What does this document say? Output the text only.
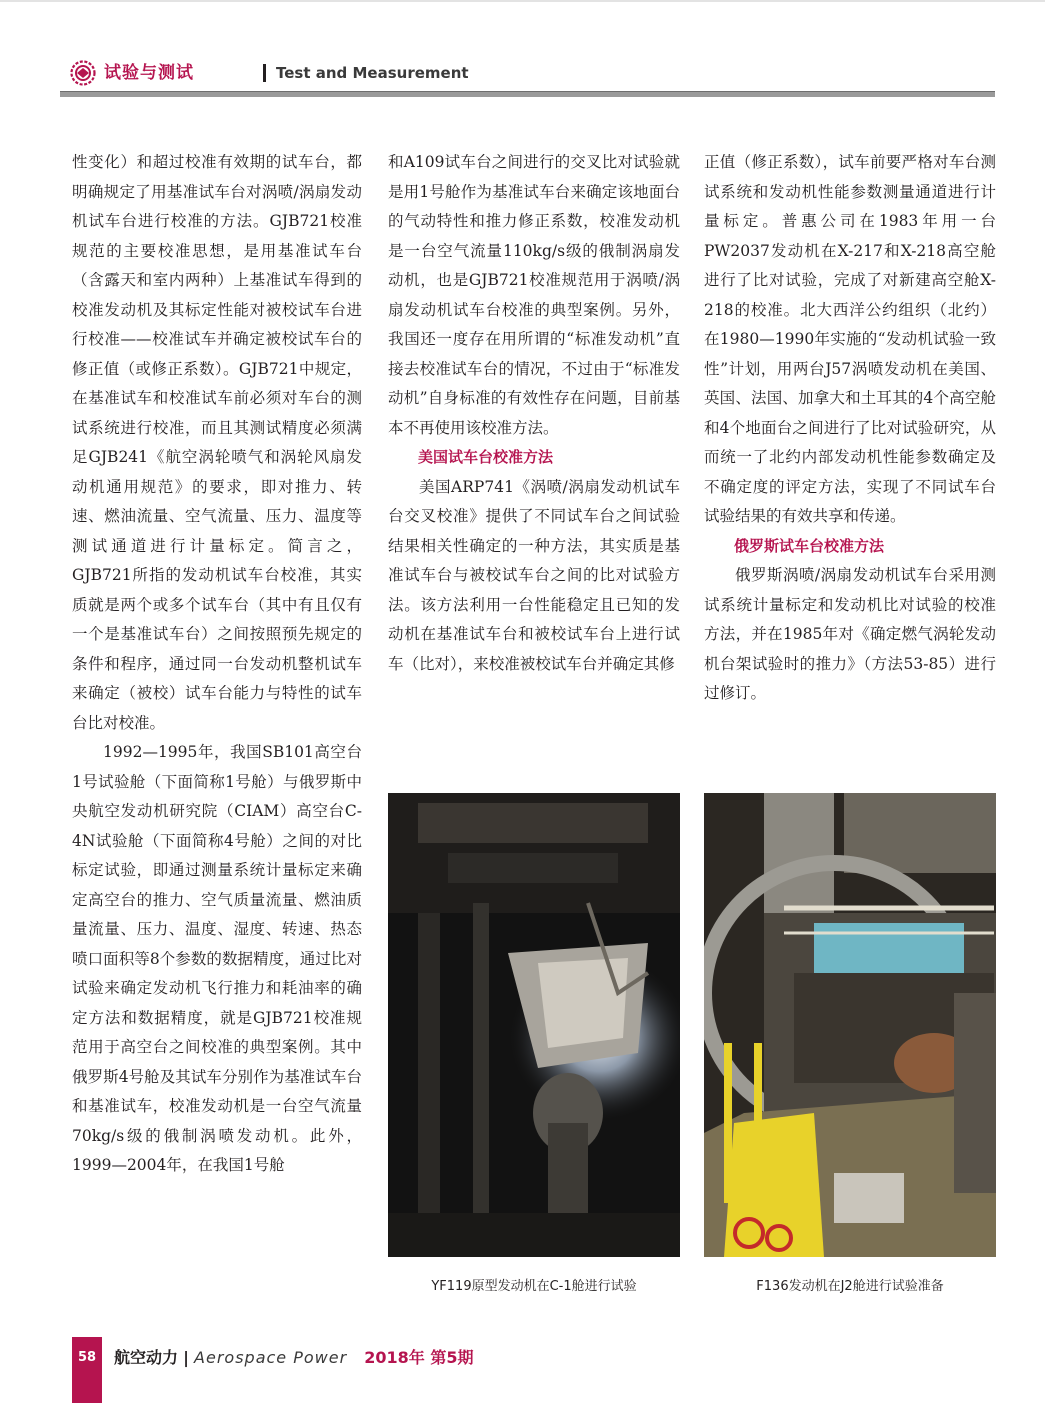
试验与测试	Test and Measurement

性变化）和超过校准有效期的试车台，都明确规定了用基准试车台对涡喷/涡扇发动机试车台进行校准的方法。GJB721校准规范的主要校准思想，是用基准试车台（含露天和室内两种）上基准试车得到的校准发动机及其标定性能对被校试车台进行校准——校准试车并确定被校试车台的修正值（或修正系数）。GJB721中规定，在基准试车和校准试车前必须对车台的测试系统进行校准，而且其测试精度必须满足GJB241《航空涡轮喷气和涡轮风扇发动机通用规范》的要求，即对推力、转速、燃油流量、空气流量、压力、温度等测试通道进行计量标定。简言之，GJB721所指的发动机试车台校准，其实质就是两个或多个试车台（其中有且仅有一个是基准试车台）之间按照预先规定的条件和程序，通过同一台发动机整机试车来确定（被校）试车台能力与特性的试车台比对校准。

1992—1995年，我国SB101高空台1号试验舱（下面简称1号舱）与俄罗斯中央航空发动机研究院（CIAM）高空台C-4N试验舱（下面简称4号舱）之间的对比标定试验，即通过测量系统计量标定来确定高空台的推力、空气质量流量、燃油质量流量、压力、温度、湿度、转速、热态喷口面积等8个参数的数据精度，通过比对试验来确定发动机飞行推力和耗油率的确定方法和数据精度，就是GJB721校准规范用于高空台之间校准的典型案例。其中俄罗斯4号舱及其试车分别作为基准试车台和基准试车，校准发动机是一台空气流量70kg/s级的俄制涡喷发动机。此外，1999—2004年，在我国1号舱

和A109试车台之间进行的交叉比对试验就是用1号舱作为基准试车台来确定该地面台的气动特性和推力修正系数，校准发动机是一台空气流量110kg/s级的俄制涡扇发动机，也是GJB721校准规范用于涡喷/涡扇发动机试车台校准的典型案例。另外，我国还一度存在用所谓的“标准发动机”直接去校准试车台的情况，不过由于“标准发动机”自身标准的有效性存在问题，目前基本不再使用该校准方法。

美国试车台校准方法

美国ARP741《涡喷/涡扇发动机试车台交叉校准》提供了不同试车台之间试验结果相关性确定的一种方法，其实质是基准试车台与被校试车台之间的比对试验方法。该方法利用一台性能稳定且已知的发动机在基准试车台和被校试车台上进行试车（比对），来校准被校试车台并确定其修

正值（修正系数），试车前要严格对车台测试系统和发动机性能参数测量通道进行计量标定。普惠公司在1983年用一台PW2037发动机在X-217和X-218高空舱进行了比对试验，完成了对新建高空舱X-218的校准。北大西洋公约组织（北约）在1980—1990年实施的“发动机试验一致性”计划，用两台J57涡喷发动机在美国、英国、法国、加拿大和土耳其的4个高空舱和4个地面台之间进行了比对试验研究，从而统一了北约内部发动机性能参数确定及不确定度的评定方法，实现了不同试车台试验结果的有效共享和传递。

俄罗斯试车台校准方法

俄罗斯涡喷/涡扇发动机试车台采用测试系统计量标定和发动机比对试验的校准方法，并在1985年对《确定燃气涡轮发动机台架试验时的推力》（方法53-85）进行过修订。

YF119原型发动机在C-1舱进行试验	F136发动机在J2舱进行试验准备
58	航空动力 | Aerospace Power 2018年 第5期
